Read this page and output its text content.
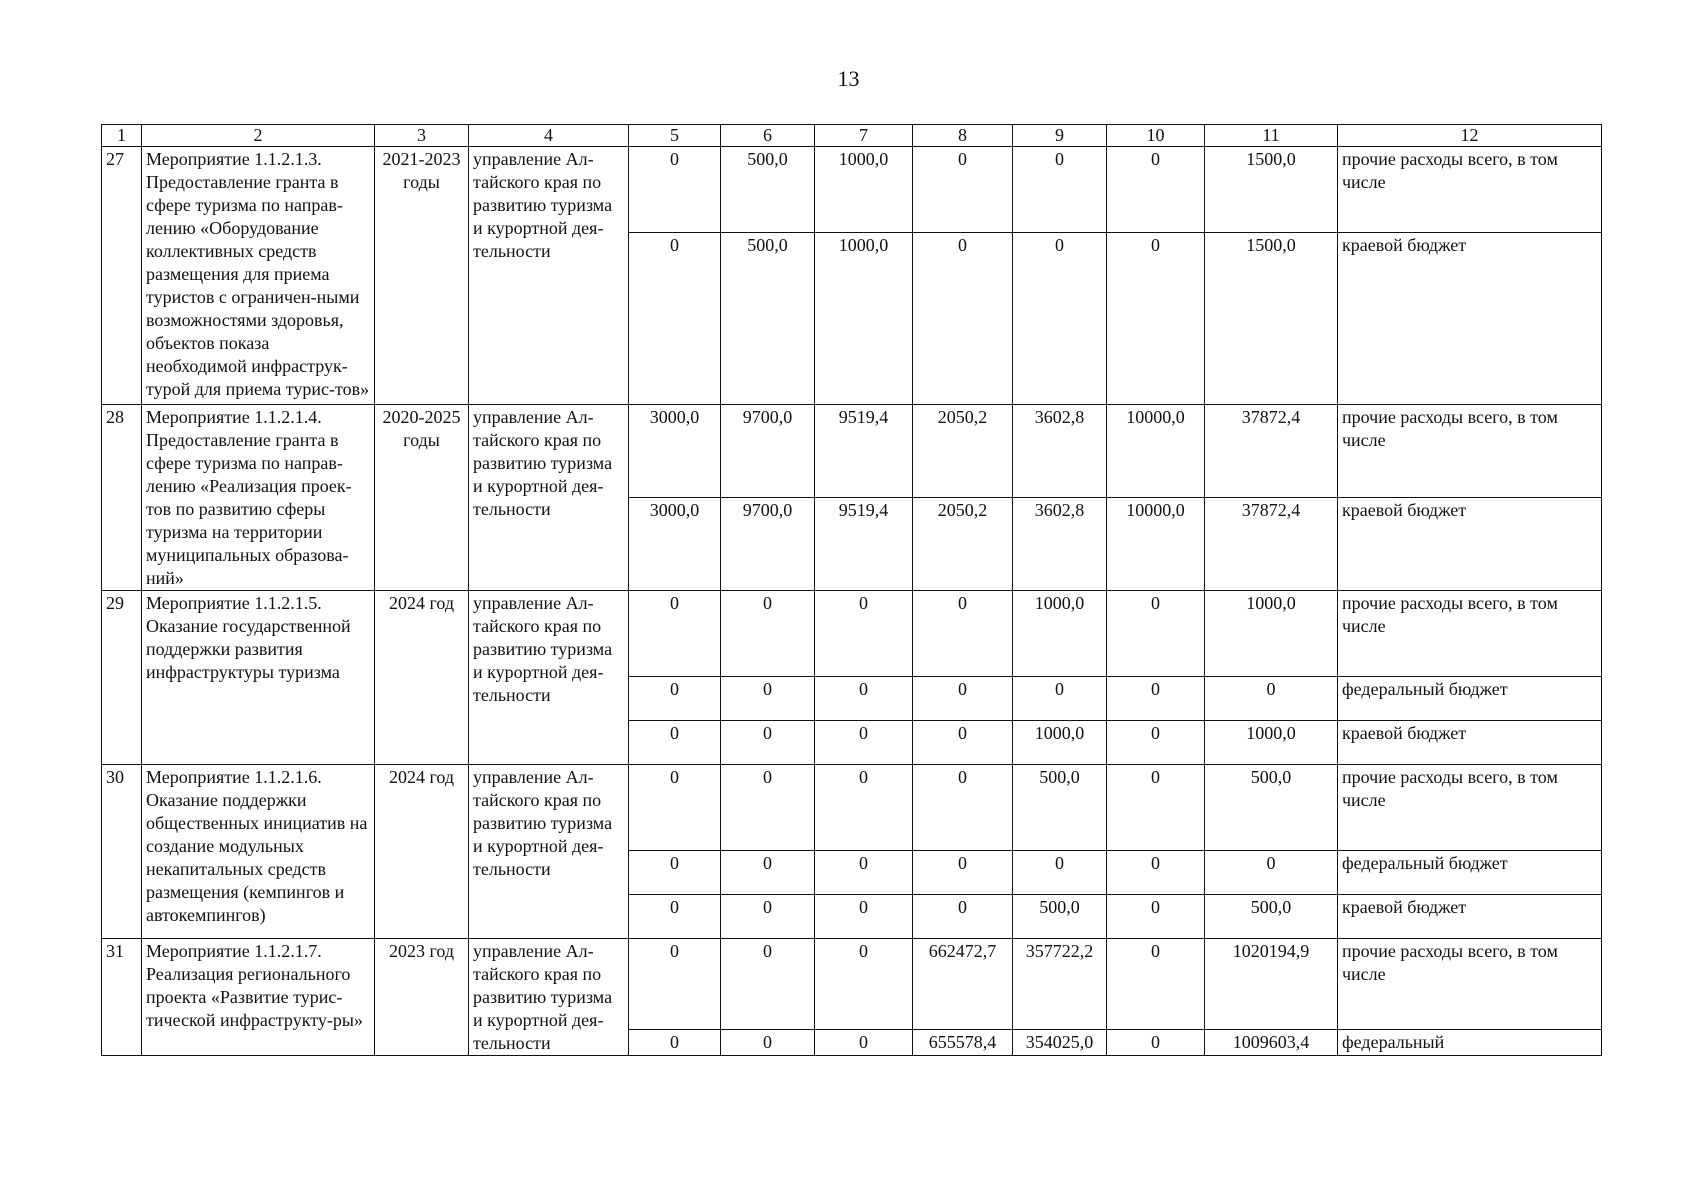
13
1	2	3	4	5	6	7	8	9	10	11	12
27	Мероприятие 1.1.2.1.3. Предоставление гранта в сфере туризма по направ-лению «Оборудование коллективных средств размещения для приема туристов с ограничен-ными возможностями здоровья, объектов показа необходимой инфраструк-турой для приема турис-тов»	2021-2023 годы	управление Ал-тайского края по развитию туризма и курортной дея-тельности	0	500,0	1000,0	0	0	0	1500,0	прочие расходы всего, в том числе
				0	500,0	1000,0	0	0	0	1500,0	краевой бюджет
28	Мероприятие 1.1.2.1.4. Предоставление гранта в сфере туризма по направ-лению «Реализация проек-тов по развитию сферы туризма на территории муниципальных образова-ний»	2020-2025 годы	управление Ал-тайского края по развитию туризма и курортной дея-тельности	3000,0	9700,0	9519,4	2050,2	3602,8	10000,0	37872,4	прочие расходы всего, в том числе
				3000,0	9700,0	9519,4	2050,2	3602,8	10000,0	37872,4	краевой бюджет
29	Мероприятие 1.1.2.1.5. Оказание государственной поддержки развития инфраструктуры туризма	2024 год	управление Ал-тайского края по развитию туризма и курортной дея-тельности	0	0	0	0	1000,0	0	1000,0	прочие расходы всего, в том числе
				0	0	0	0	0	0	0	федеральный бюджет
				0	0	0	0	1000,0	0	1000,0	краевой бюджет
30	Мероприятие 1.1.2.1.6. Оказание поддержки общественных инициатив на создание модульных некапитальных средств размещения (кемпингов и автокемпингов)	2024 год	управление Ал-тайского края по развитию туризма и курортной дея-тельности	0	0	0	0	500,0	0	500,0	прочие расходы всего, в том числе
				0	0	0	0	0	0	0	федеральный бюджет
				0	0	0	0	500,0	0	500,0	краевой бюджет
31	Мероприятие 1.1.2.1.7. Реализация регионального проекта «Развитие турис-тической инфраструкту-ры»	2023 год	управление Ал-тайского края по развитию туризма и курортной дея-тельности	0	0	0	662472,7	357722,2	0	1020194,9	прочие расходы всего, в том числе
				0	0	0	655578,4	354025,0	0	1009603,4	федеральный
